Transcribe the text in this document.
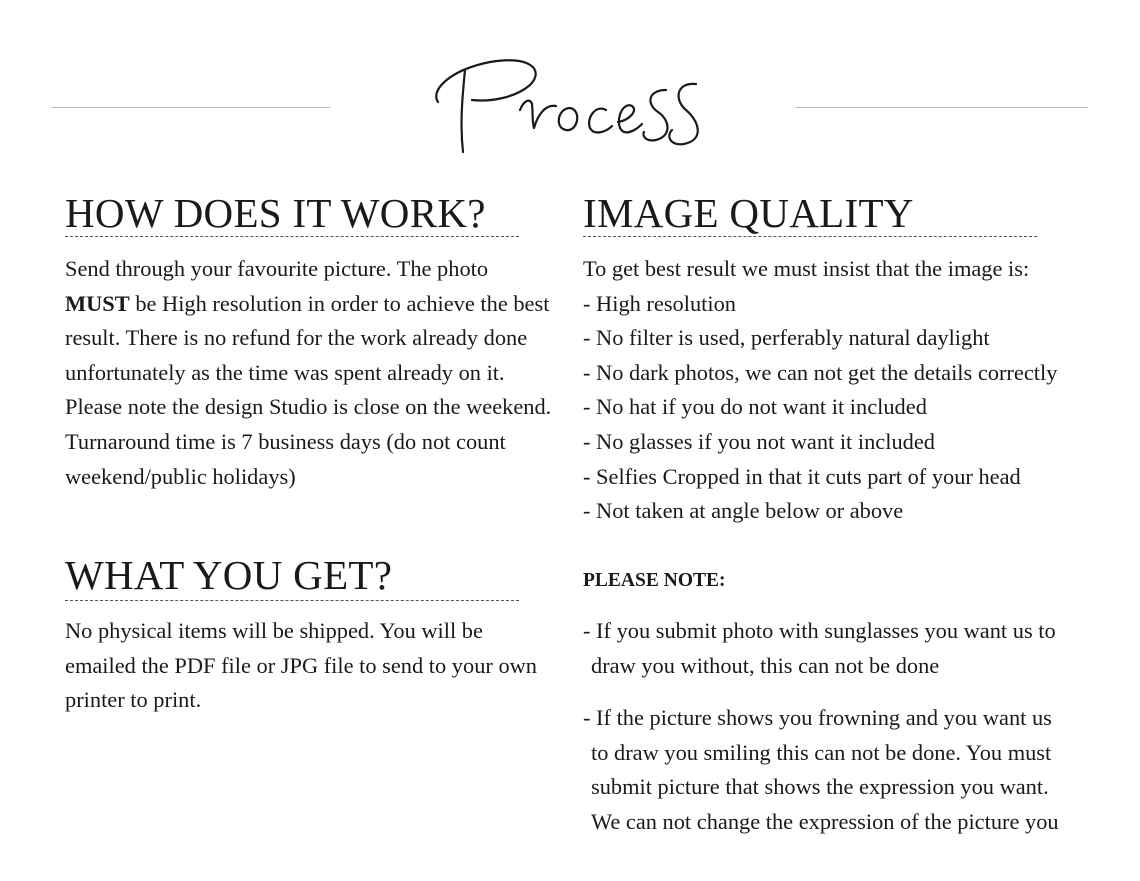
HOW DOES IT WORK?

Send through your favourite picture. The photo MUST be High resolution in order to achieve the best result. There is no refund for the work already done unfortunately as the time was spent already on it. Please note the design Studio is close on the weekend. Turnaround time is 7 business days (do not count weekend/public holidays)

WHAT YOU GET?

No physical items will be shipped. You will be emailed the PDF file or JPG file to send to your own printer to print.

IMAGE QUALITY
To get best result we must insist that the image is:
- High resolution
- No filter is used, perferably natural daylight
- No dark photos, we can not get the details correctly
- No hat if you do not want it included
- No glasses if you not want it included
- Selfies Cropped in that it cuts part of your head
- Not taken at angle below or above
PLEASE NOTE:
- If you submit photo with sunglasses you want us to
draw you without, this can not be done
- If the picture shows you frowning and you want us
to draw you smiling this can not be done. You must
submit picture that shows the expression you want.
We can not change the expression of the picture you
